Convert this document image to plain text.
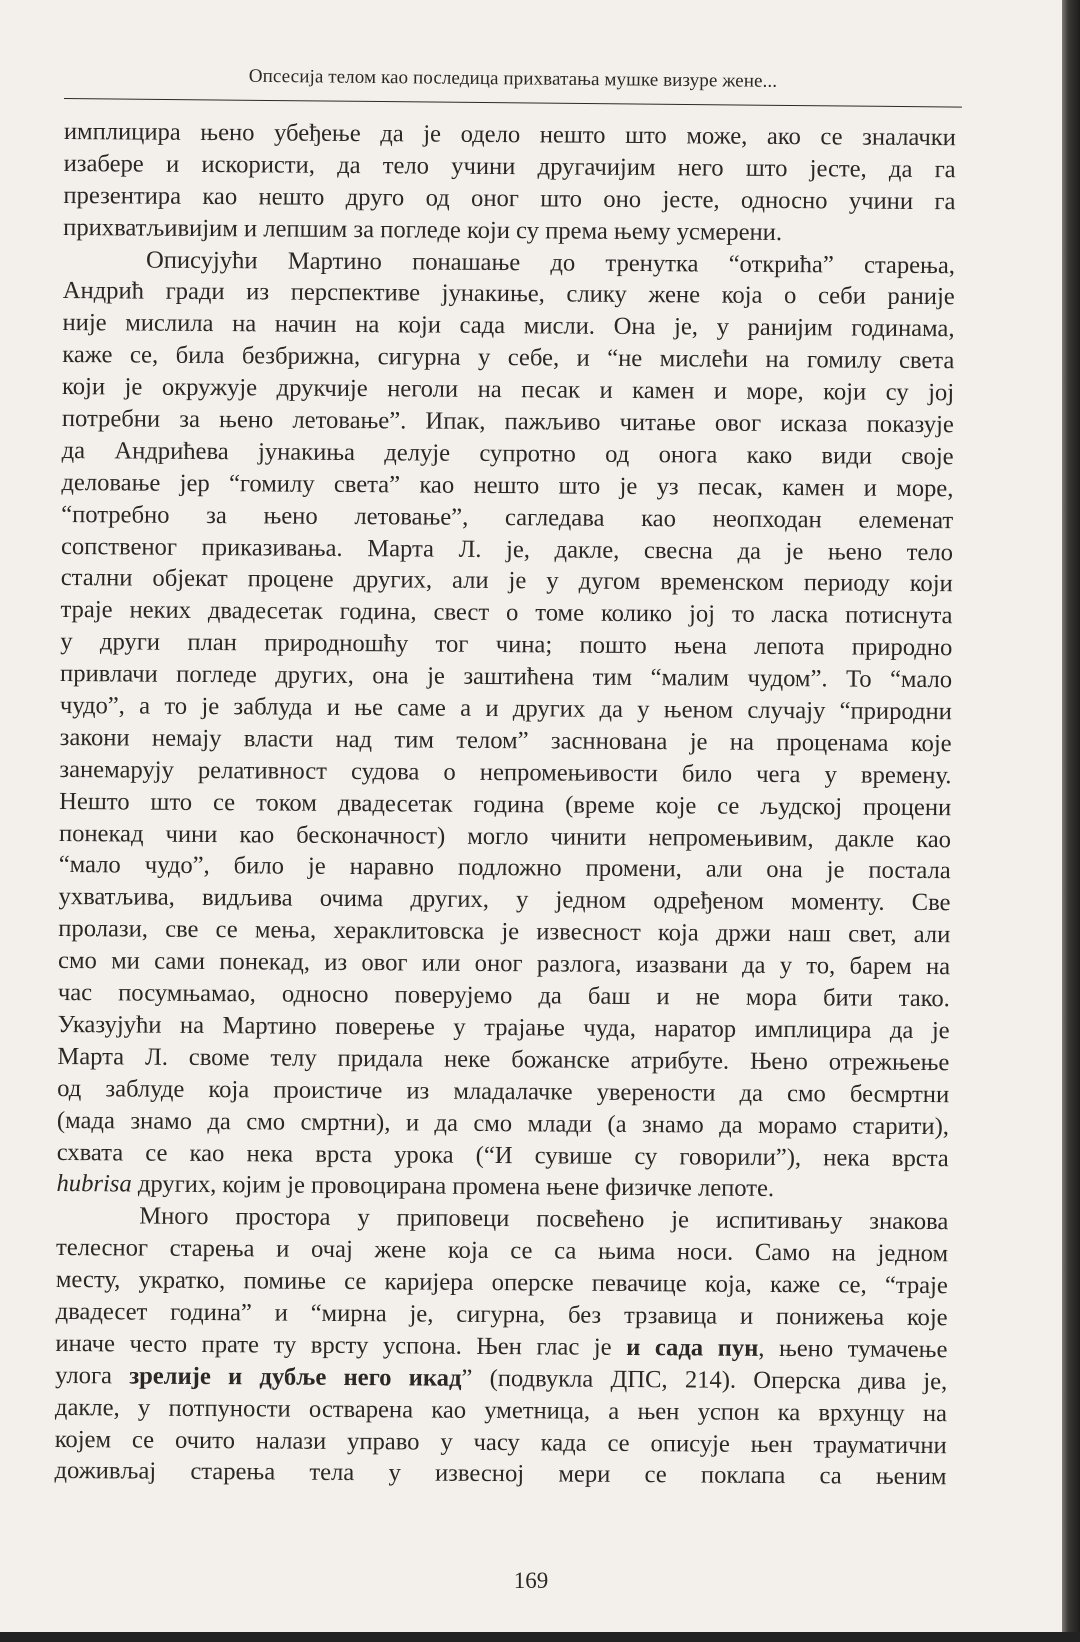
Опсесија телом као последица прихватања мушке визуре жене...
имплицира њено убеђење да је одело нешто што може, ако се зналачки
изабере и искористи, да тело учини другачијим него што јесте, да га
презентира као нешто друго од оног што оно јесте, односно учини га
прихватљивијим и лепшим за погледе који су према њему усмерени.
Описујући Мартино понашање до тренутка “открића” старења,
Андрић гради из перспективе јунакиње, слику жене која о себи раније
није мислила на начин на који сада мисли. Она је, у ранијим годинама,
каже се, била безбрижна, сигурна у себе, и “не мислећи на гомилу света
који је окружује друкчије неголи на песак и камен и море, који су јој
потребни за њено летовање”. Ипак, пажљиво читање овог исказа показује
да Андрићева јунакиња делује супротно од онога како види своје
деловање јер “гомилу света” као нешто што је уз песак, камен и море,
“потребно за њено летовање”, сагледава као неопходан елеменат
сопственог приказивања. Марта Л. је, дакле, свесна да је њено тело
стални објекат процене других, али је у дугом временском периоду који
траје неких двадесетак година, свест о томе колико јој то ласка потиснута
у други план природношћу тог чина; пошто њена лепота природно
привлачи погледе других, она је заштићена тим “малим чудом”. То “мало
чудо”, а то је заблуда и ње саме а и других да у њеном случају “природни
закони немају власти над тим телом” засннована је на проценама које
занемарују релативност судова о непромењивости било чега у времену.
Нешто што се током двадесетак година (време које се људској процени
понекад чини као бесконачност) могло чинити непромењивим, дакле као
“мало чудо”, било је наравно подложно промени, али она је постала
ухватљива, видљива очима других, у једном одређеном моменту. Све
пролази, све се мења, хераклитовска је извесност која држи наш свет, али
смо ми сами понекад, из овог или оног разлога, изазвани да у то, барем на
час посумњамао, односно поверујемо да баш и не мора бити тако.
Указујући на Мартино поверење у трајање чуда, наратор имплицира да је
Марта Л. своме телу придала неке божанске атрибуте. Њено отрежњење
од заблуде која проистиче из младалачке уверености да смо бесмртни
(мада знамо да смо смртни), и да смо млади (а знамо да морамо старити),
схвата се као нека врста урока (“И сувише су говорили”), нека врста
hubrisa других, којим је провоцирана промена њене физичке лепоте.
Много простора у приповеци посвећено је испитивању знакова
телесног старења и очај жене која се са њима носи. Само на једном
месту, укратко, помиње се каријера оперске певачице која, каже се, “траје
двадесет година” и “мирна је, сигурна, без трзавица и понижења које
иначе често прате ту врсту успона. Њен глас је и сада пун, њено тумачење
улога зрелије и дубље него икад” (подвукла ДПС, 214). Оперска дива је,
дакле, у потпуности остварена као уметница, а њен успон ка врхунцу на
којем се очито налази управо у часу када се описује њен трауматични
доживљај старења тела у извесној мери се поклапа са њеним
169
